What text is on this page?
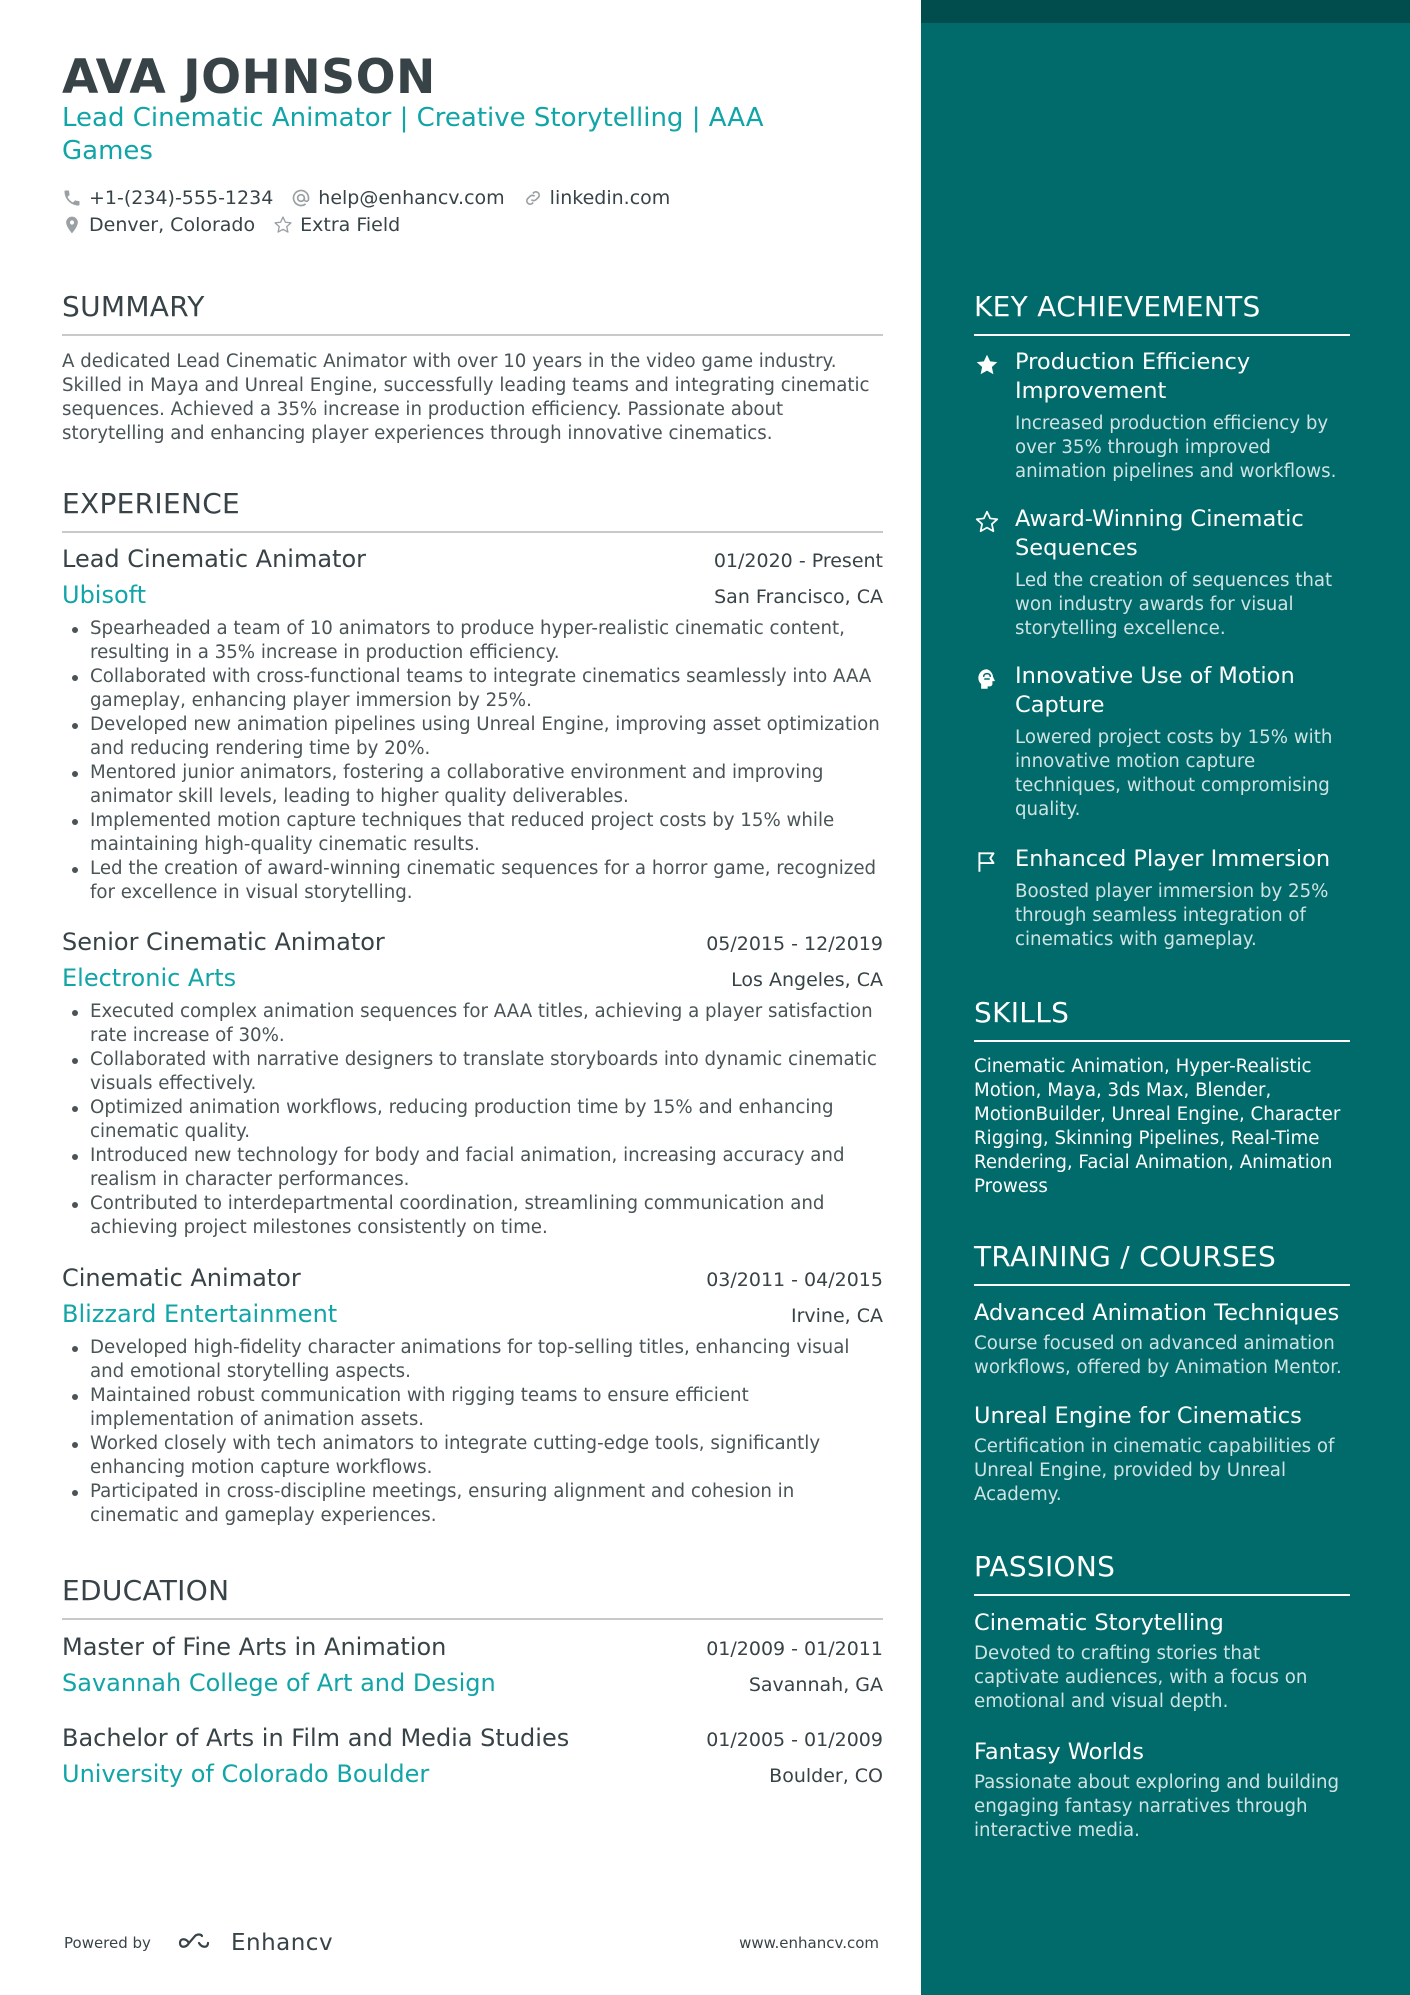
AVA JOHNSON
Lead Cinematic Animator | Creative Storytelling | AAA Games
+1-(234)-555-1234 help@enhancv.com linkedin.com
Denver, Colorado Extra Field
SUMMARY
A dedicated Lead Cinematic Animator with over 10 years in the video game industry. Skilled in Maya and Unreal Engine, successfully leading teams and integrating cinematic sequences. Achieved a 35% increase in production efficiency. Passionate about storytelling and enhancing player experiences through innovative cinematics.
EXPERIENCE
Lead Cinematic Animator	01/2020 - Present
Ubisoft	San Francisco, CA
Spearheaded a team of 10 animators to produce hyper-realistic cinematic content, resulting in a 35% increase in production efficiency.
Collaborated with cross-functional teams to integrate cinematics seamlessly into AAA gameplay, enhancing player immersion by 25%.
Developed new animation pipelines using Unreal Engine, improving asset optimization and reducing rendering time by 20%.
Mentored junior animators, fostering a collaborative environment and improving animator skill levels, leading to higher quality deliverables.
Implemented motion capture techniques that reduced project costs by 15% while maintaining high-quality cinematic results.
Led the creation of award-winning cinematic sequences for a horror game, recognized for excellence in visual storytelling.
Senior Cinematic Animator	05/2015 - 12/2019
Electronic Arts	Los Angeles, CA
Executed complex animation sequences for AAA titles, achieving a player satisfaction rate increase of 30%.
Collaborated with narrative designers to translate storyboards into dynamic cinematic visuals effectively.
Optimized animation workflows, reducing production time by 15% and enhancing cinematic quality.
Introduced new technology for body and facial animation, increasing accuracy and realism in character performances.
Contributed to interdepartmental coordination, streamlining communication and achieving project milestones consistently on time.
Cinematic Animator	03/2011 - 04/2015
Blizzard Entertainment	Irvine, CA
Developed high-fidelity character animations for top-selling titles, enhancing visual and emotional storytelling aspects.
Maintained robust communication with rigging teams to ensure efficient implementation of animation assets.
Worked closely with tech animators to integrate cutting-edge tools, significantly enhancing motion capture workflows.
Participated in cross-discipline meetings, ensuring alignment and cohesion in cinematic and gameplay experiences.
EDUCATION
Master of Fine Arts in Animation	01/2009 - 01/2011
Savannah College of Art and Design	Savannah, GA
Bachelor of Arts in Film and Media Studies	01/2005 - 01/2009
University of Colorado Boulder	Boulder, CO
Powered by	Enhancv	www.enhancv.com
KEY ACHIEVEMENTS
Production Efficiency Improvement
Increased production efficiency by over 35% through improved animation pipelines and workflows.
Award-Winning Cinematic Sequences
Led the creation of sequences that won industry awards for visual storytelling excellence.
Innovative Use of Motion Capture
Lowered project costs by 15% with innovative motion capture techniques, without compromising quality.
Enhanced Player Immersion
Boosted player immersion by 25% through seamless integration of cinematics with gameplay.
SKILLS
Cinematic Animation, Hyper-Realistic Motion, Maya, 3ds Max, Blender, MotionBuilder, Unreal Engine, Character Rigging, Skinning Pipelines, Real-Time Rendering, Facial Animation, Animation Prowess
TRAINING / COURSES
Advanced Animation Techniques
Course focused on advanced animation workflows, offered by Animation Mentor.
Unreal Engine for Cinematics
Certification in cinematic capabilities of Unreal Engine, provided by Unreal Academy.
PASSIONS
Cinematic Storytelling
Devoted to crafting stories that captivate audiences, with a focus on emotional and visual depth.
Fantasy Worlds
Passionate about exploring and building engaging fantasy narratives through interactive media.
